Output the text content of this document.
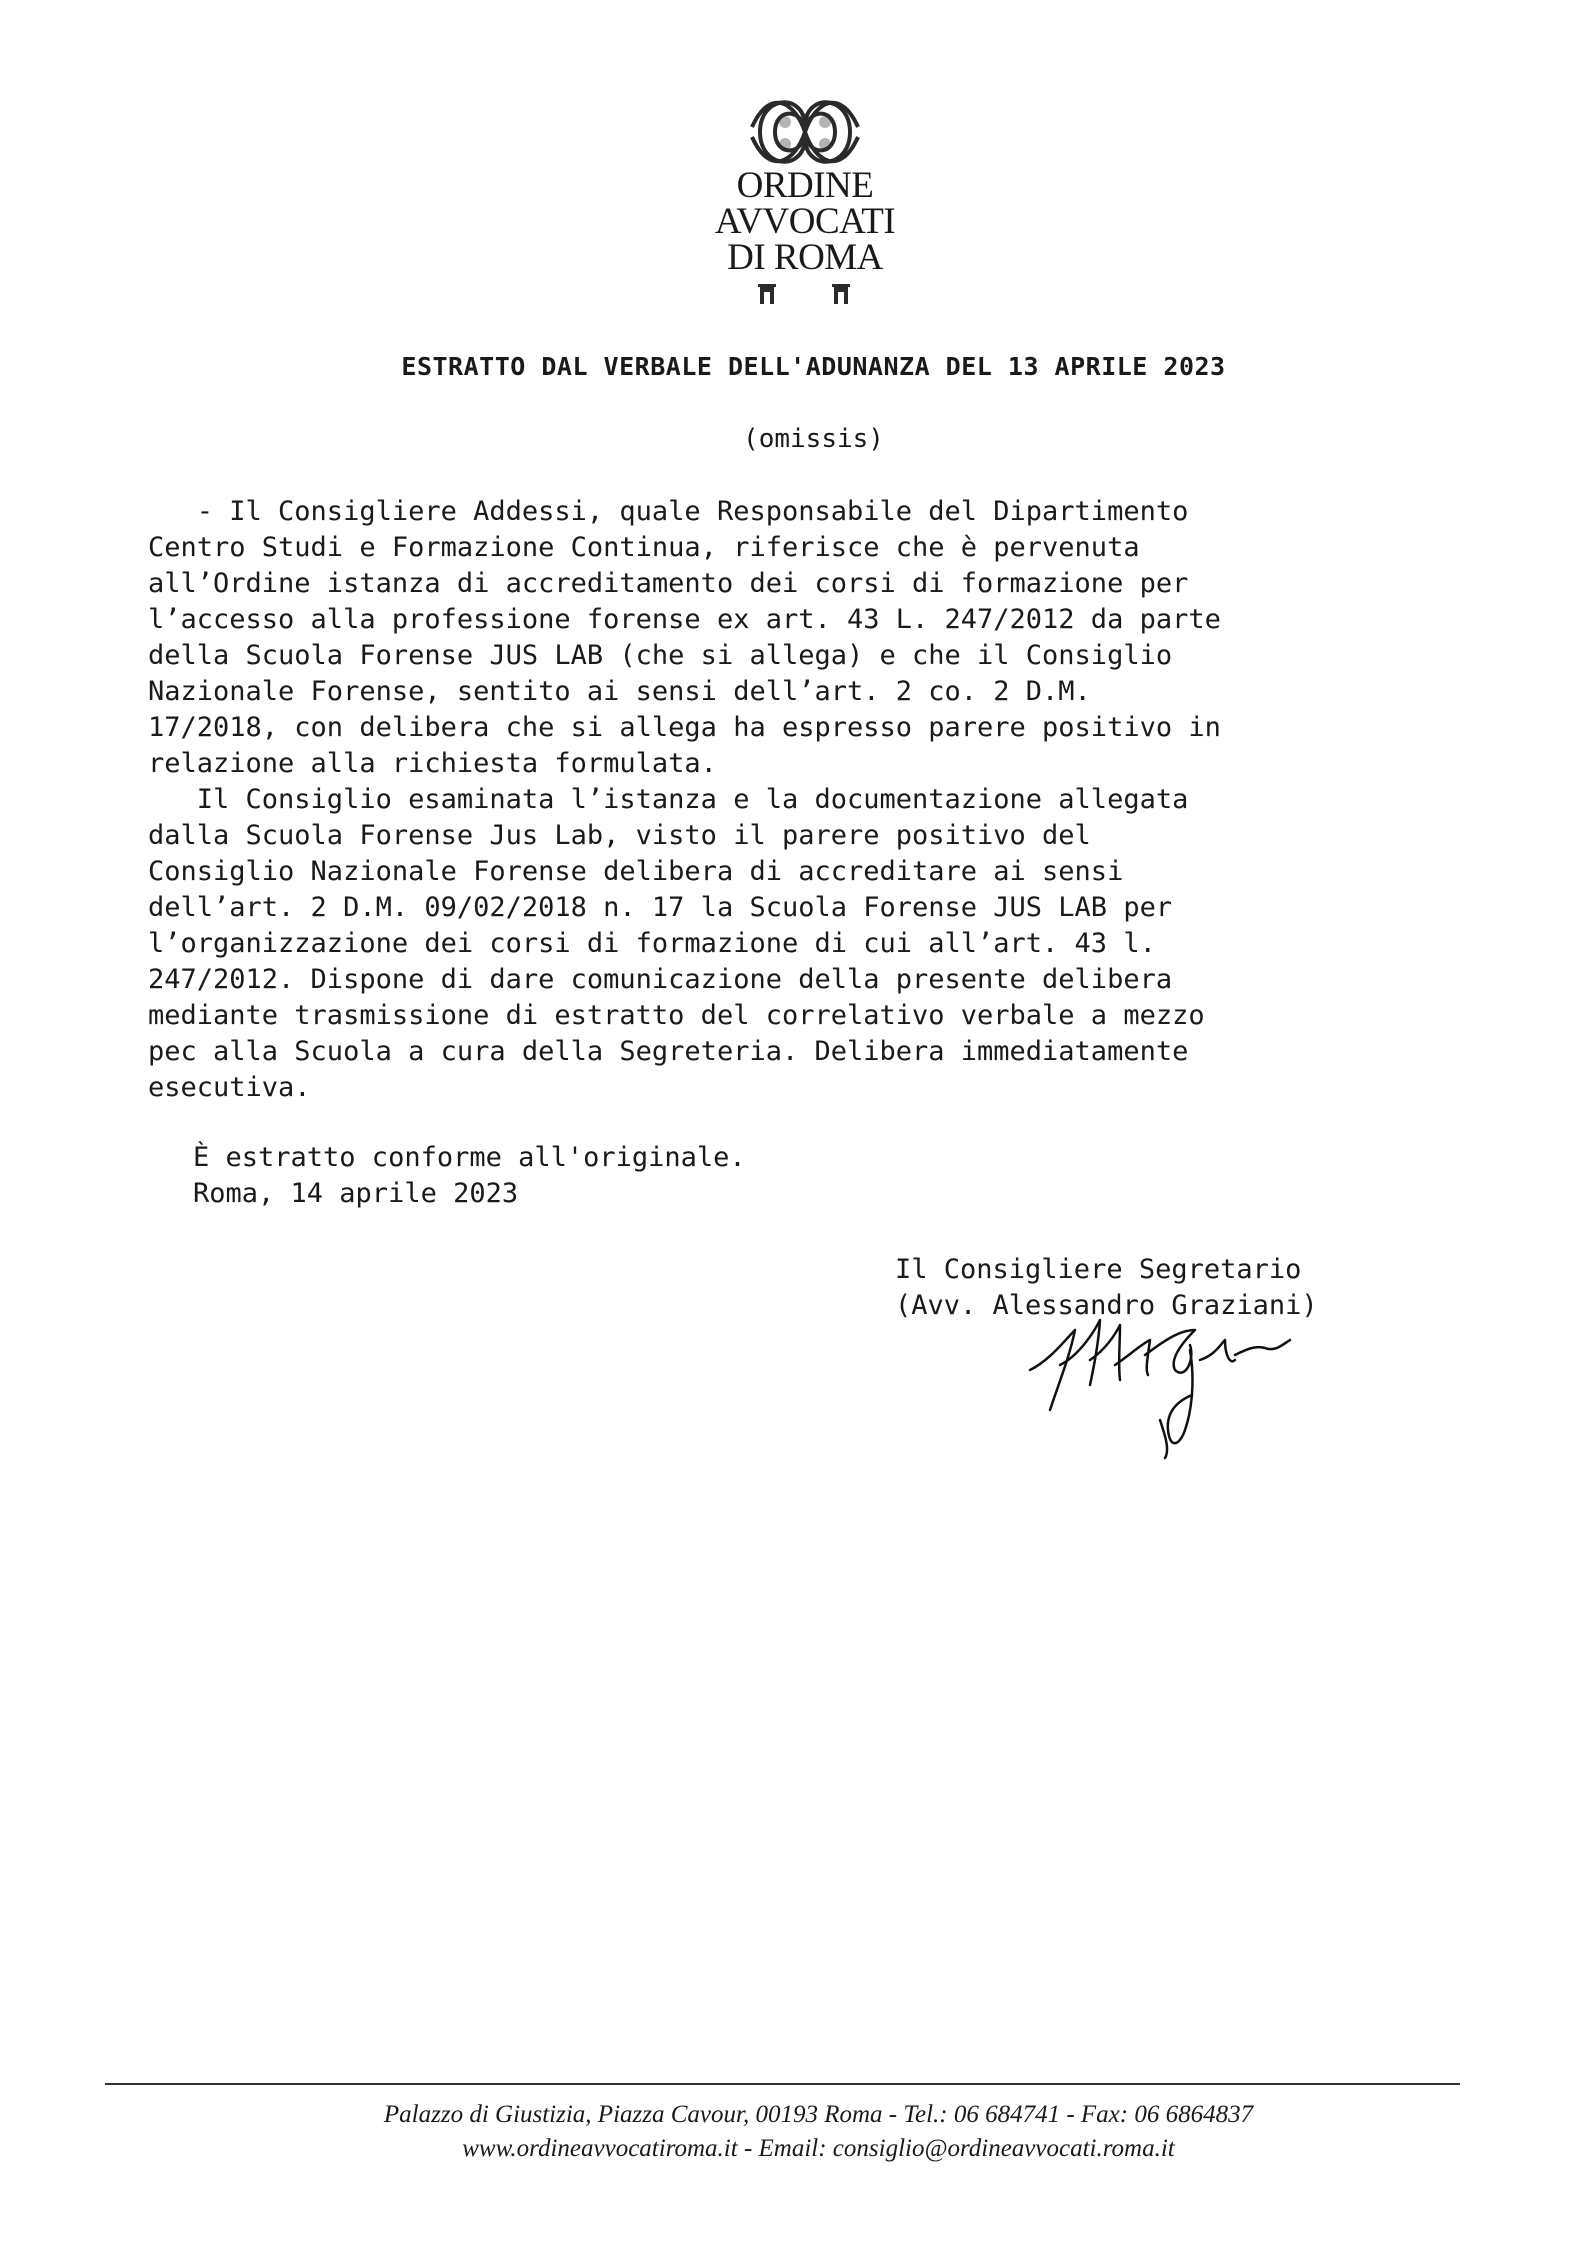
ORDINE
AVVOCATI
DI ROMA
ESTRATTO DAL VERBALE DELL'ADUNANZA DEL 13 APRILE 2023
(omissis)
- Il Consigliere Addessi, quale Responsabile del Dipartimento
Centro Studi e Formazione Continua, riferisce che è pervenuta
all’Ordine istanza di accreditamento dei corsi di formazione per
l’accesso alla professione forense ex art. 43 L. 247/2012 da parte
della Scuola Forense JUS LAB (che si allega) e che il Consiglio
Nazionale Forense, sentito ai sensi dell’art. 2 co. 2 D.M.
17/2018, con delibera che si allega ha espresso parere positivo in
relazione alla richiesta formulata.
Il Consiglio esaminata l’istanza e la documentazione allegata
dalla Scuola Forense Jus Lab, visto il parere positivo del
Consiglio Nazionale Forense delibera di accreditare ai sensi
dell’art. 2 D.M. 09/02/2018 n. 17 la Scuola Forense JUS LAB per
l’organizzazione dei corsi di formazione di cui all’art. 43 l.
247/2012. Dispone di dare comunicazione della presente delibera
mediante trasmissione di estratto del correlativo verbale a mezzo
pec alla Scuola a cura della Segreteria. Delibera immediatamente
esecutiva.
È estratto conforme all'originale.
Roma, 14 aprile 2023
Il Consigliere Segretario
(Avv. Alessandro Graziani)
Palazzo di Giustizia, Piazza Cavour, 00193 Roma - Tel.: 06 684741 - Fax: 06 6864837
www.ordineavvocatiroma.it - Email: consiglio@ordineavvocati.roma.it
